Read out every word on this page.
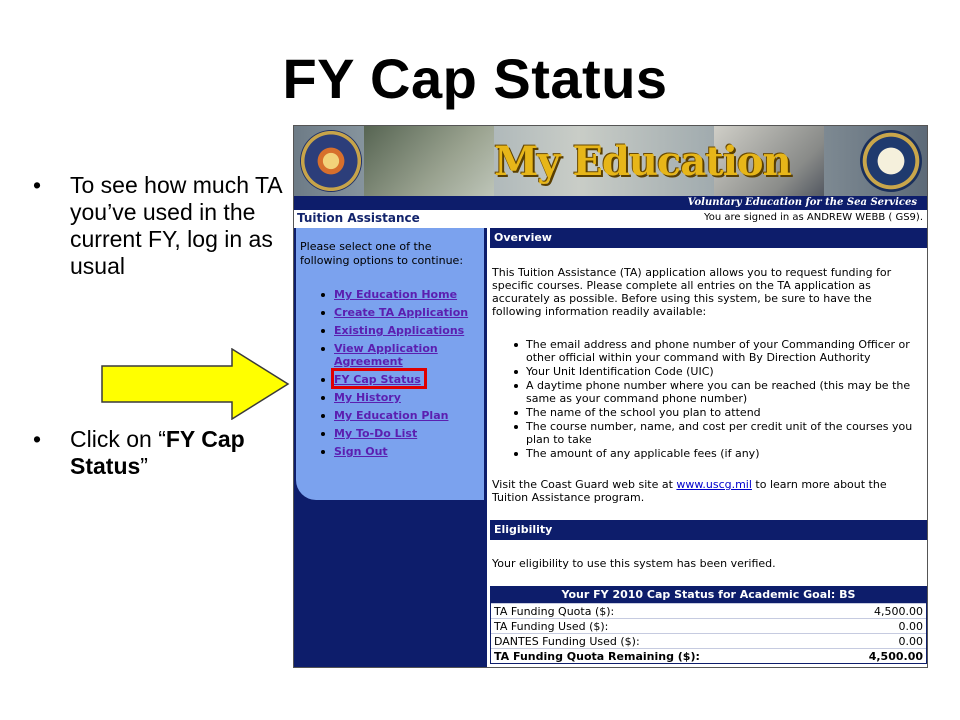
FY Cap Status
• To see how much TA you’ve used in the current FY, log in as usual
• Click on “FY Cap Status”
My Education
Voluntary Education for the Sea Services
Tuition Assistance	You are signed in as ANDREW WEBB ( GS9).
Please select one of the following options to continue:
My Education Home
Create TA Application
Existing Applications
View Application Agreement
FY Cap Status
My History
My Education Plan
My To-Do List
Sign Out
Overview
This Tuition Assistance (TA) application allows you to request funding for specific courses. Please complete all entries on the TA application as accurately as possible. Before using this system, be sure to have the following information readily available:
The email address and phone number of your Commanding Officer or other official within your command with By Direction Authority
Your Unit Identification Code (UIC)
A daytime phone number where you can be reached (this may be the same as your command phone number)
The name of the school you plan to attend
The course number, name, and cost per credit unit of the courses you plan to take
The amount of any applicable fees (if any)
Visit the Coast Guard web site at www.uscg.mil to learn more about the Tuition Assistance program.
Eligibility
Your eligibility to use this system has been verified.
Your FY 2010 Cap Status for Academic Goal: BS
TA Funding Quota ($):	4,500.00
TA Funding Used ($):	0.00
DANTES Funding Used ($):	0.00
TA Funding Quota Remaining ($):	4,500.00
